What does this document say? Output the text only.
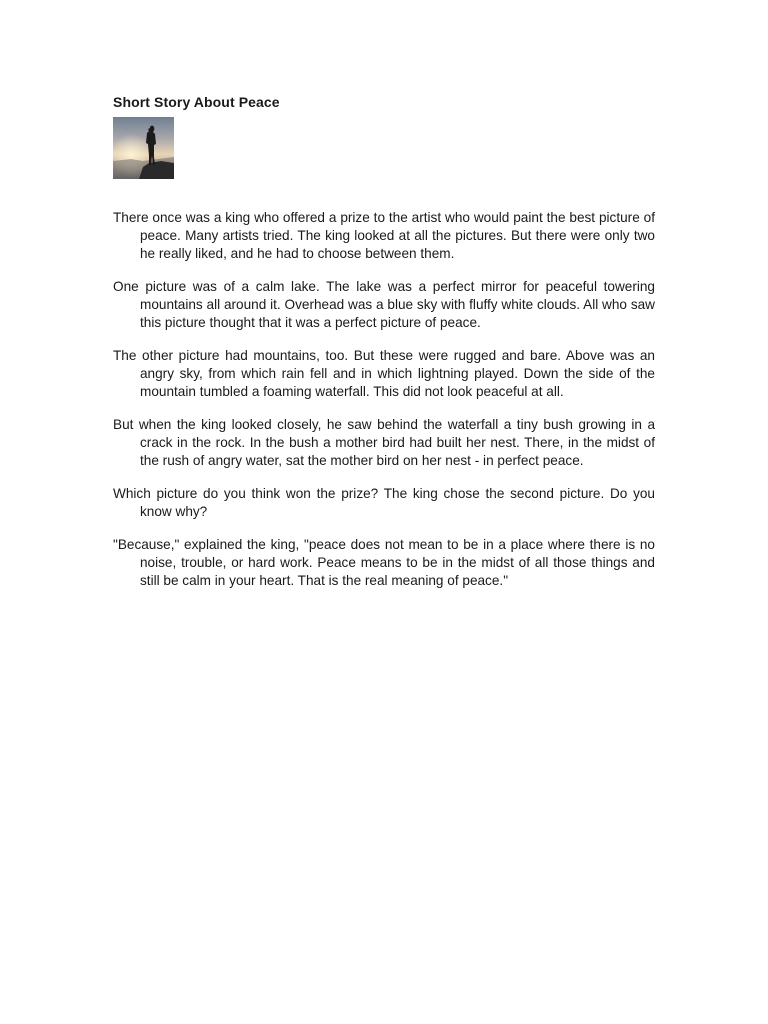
Short Story About Peace

There once was a king who offered a prize to the artist who would paint the best picture of peace. Many artists tried. The king looked at all the pictures. But there were only two he really liked, and he had to choose between them.

One picture was of a calm lake. The lake was a perfect mirror for peaceful towering mountains all around it. Overhead was a blue sky with fluffy white clouds. All who saw this picture thought that it was a perfect picture of peace.

The other picture had mountains, too. But these were rugged and bare. Above was an angry sky, from which rain fell and in which lightning played. Down the side of the mountain tumbled a foaming waterfall. This did not look peaceful at all.

But when the king looked closely, he saw behind the waterfall a tiny bush growing in a crack in the rock. In the bush a mother bird had built her nest. There, in the midst of the rush of angry water, sat the mother bird on her nest - in perfect peace.

Which picture do you think won the prize? The king chose the second picture. Do you know why?

"Because," explained the king, "peace does not mean to be in a place where there is no noise, trouble, or hard work. Peace means to be in the midst of all those things and still be calm in your heart. That is the real meaning of peace."
